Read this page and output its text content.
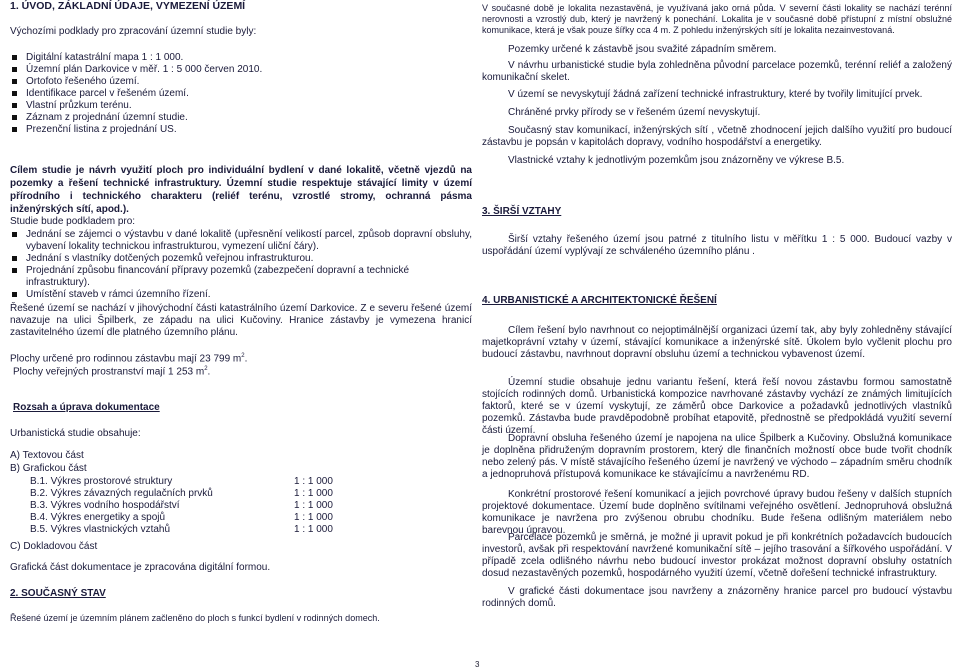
1. ÚVOD, ZÁKLADNÍ ÚDAJE, VYMEZENÍ ÚZEMÍ
Výchozími podklady pro zpracování územní studie byly:
Digitální katastrální mapa 1 : 1 000.
Územní plán Darkovice v měř. 1 : 5 000 červen 2010.
Ortofoto řešeného území.
Identifikace parcel v řešeném území.
Vlastní průzkum terénu.
Záznam z projednání územní studie.
Prezenční listina z projednání US.

Cílem studie je návrh využití ploch pro individuální bydlení v dané lokalitě, včetně vjezdů na pozemky a řešení technické infrastruktury. Územní studie respektuje stávající limity v území přírodního i technického charakteru (reliéf terénu, vzrostlé stromy, ochranná pásma inženýrských sítí, apod.).

Studie bude podkladem pro:
Jednání se zájemci o výstavbu v dané lokalitě (upřesnění velikostí parcel, způsob dopravní obsluhy, vybavení lokality technickou infrastrukturou, vymezení uliční čáry).
Jednání s vlastníky dotčených pozemků veřejnou infrastrukturou.
Projednání způsobu financování přípravy pozemků (zabezpečení dopravní a technické infrastruktury).
Umístění staveb v rámci územního řízení.

Řešené území se nachází v jihovýchodní části katastrálního území Darkovice. Z e severu řešené území navazuje na ulici Špilberk, ze západu na ulici Kučoviny. Hranice zástavby je vymezena hranicí zastavitelného území dle platného územního plánu.

Plochy určené pro rodinnou zástavbu mají 23 799 $m^2$.
Plochy veřejných prostranství mají 1 253 $m^2$.
Rozsah a úprava dokumentace
Urbanistická studie obsahuje:
A) Textovou část
B) Grafickou část
B.1. Výkres prostorové struktury	1 : 1 000
B.2. Výkres závazných regulačních prvků	1 : 1 000
B.3. Výkres vodního hospodářství	1 : 1 000
B.4. Výkres energetiky a spojů	1 : 1 000
B.5. Výkres vlastnických vztahů	1 : 1 000
C) Dokladovou část
Grafická část dokumentace je zpracována digitální formou.
2. SOUČASNÝ STAV
Řešené území je územním plánem začleněno do ploch s funkcí bydlení v rodinných domech.

V současné době je lokalita nezastavěná, je využívaná jako orná půda. V severní části lokality se nachází terénní nerovnosti a vzrostlý dub, který je navržený k ponechání. Lokalita je v současné době přístupní z místní obslužné komunikace, která je však pouze šířky cca 4 m. Z pohledu inženýrských sítí je lokalita nezainvestovaná.

Pozemky určené k zástavbě jsou svažité západním směrem.

V návrhu urbanistické studie byla zohledněna původní parcelace pozemků, terénní reliéf a založený komunikační skelet.

V území se nevyskytují žádná zařízení technické infrastruktury, které by tvořily limitující prvek.

Chráněné prvky přírody se v řešeném území nevyskytují.

Současný stav komunikací, inženýrských sítí , včetně zhodnocení jejich dalšího využití pro budoucí zástavbu je popsán v kapitolách dopravy, vodního hospodářství a energetiky.

Vlastnické vztahy k jednotlivým pozemkům jsou znázorněny ve výkrese B.5.

3. ŠIRŠÍ VZTAHY

Širší vztahy řešeného území jsou patrné z titulního listu v měřítku 1 : 5 000. Budoucí vazby v uspořádání území vyplývají ze schváleného územního plánu .

4. URBANISTICKÉ A ARCHITEKTONICKÉ ŘEŠENÍ

Cílem řešení bylo navrhnout co nejoptimálnější organizaci území tak, aby byly zohledněny stávající majetkoprávní vztahy v území, stávající komunikace a inženýrské sítě. Úkolem bylo vyčlenit plochu pro budoucí zástavbu, navrhnout dopravní obsluhu území a technickou vybavenost území.

Územní studie obsahuje jednu variantu řešení, která řeší novou zástavbu formou samostatně stojících rodinných domů. Urbanistická kompozice navrhované zástavby vychází ze známých limitujících faktorů, které se v území vyskytují, ze záměrů obce Darkovice a požadavků jednotlivých vlastníků pozemků. Zástavba bude pravděpodobně probíhat etapovitě, přednostně se předpokládá využití severní části území.

Dopravní obsluha řešeného území je napojena na ulice Špilberk a Kučoviny. Obslužná komunikace je doplněna přidruženým dopravním prostorem, který dle finančních možností obce bude tvořit chodník nebo zelený pás. V místě stávajícího řešeného území je navržený ve východo – západním směru chodník a jednopruhová přístupová komunikace ke stávajícímu a navrženému RD.

Konkrétní prostorové řešení komunikací a jejich povrchové úpravy budou řešeny v dalších stupních projektové dokumentace. Území bude doplněno svítilnami veřejného osvětlení. Jednopruhová obslužná komunikace je navržena pro zvýšenou obrubu chodníku. Bude řešena odlišným materiálem nebo barevnou úpravou.

Parcelace pozemků je směrná, je možné ji upravit pokud je při konkrétních požadavcích budoucích investorů, avšak při respektování navržené komunikační sítě – jejího trasování a šířkového uspořádání. V případě zcela odlišného návrhu nebo budoucí investor prokázat možnost dopravní obsluhy ostatních dosud nezastavěných pozemků, hospodárného využití území, včetně dořešení technické infrastruktury.

V grafické části dokumentace jsou navrženy a znázorněny hranice parcel pro budoucí výstavbu rodinných domů.

3
